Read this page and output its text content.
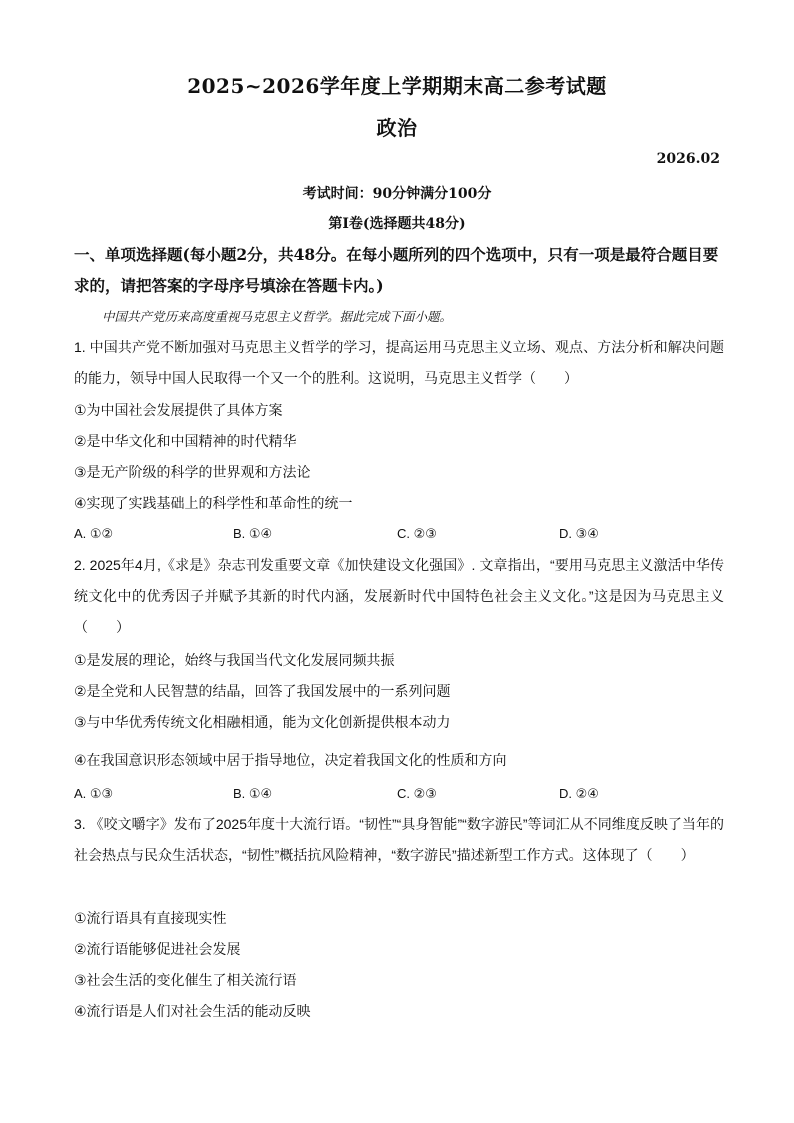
2025~2026学年度上学期期末高二参考试题
政治
2026.02
考试时间：90分钟满分100分
第Ⅰ卷(选择题共48分)
一、单项选择题(每小题2分，共48分。在每小题所列的四个选项中，只有一项是最符合题目要求的，请把答案的字母序号填涂在答题卡内。)
中国共产党历来高度重视马克思主义哲学。据此完成下面小题。
1. 中国共产党不断加强对马克思主义哲学的学习，提高运用马克思主义立场、观点、方法分析和解决问题的能力，领导中国人民取得一个又一个的胜利。这说明，马克思主义哲学（　　）
①为中国社会发展提供了具体方案
②是中华文化和中国精神的时代精华
③是无产阶级的科学的世界观和方法论
④实现了实践基础上的科学性和革命性的统一
A. ①②	B. ①④	C. ②③	D. ③④
2. 2025年4月,《求是》杂志刊发重要文章《加快建设文化强国》. 文章指出，“要用马克思主义激活中华传统文化中的优秀因子并赋予其新的时代内涵，发展新时代中国特色社会主义文化。”这是因为马克思主义（　　）
①是发展的理论，始终与我国当代文化发展同频共振
②是全党和人民智慧的结晶，回答了我国发展中的一系列问题
③与中华优秀传统文化相融相通，能为文化创新提供根本动力
④在我国意识形态领域中居于指导地位，决定着我国文化的性质和方向
A. ①③	B. ①④	C. ②③	D. ②④
3. 《咬文嚼字》发布了2025年度十大流行语。“韧性”“具身智能”“数字游民”等词汇从不同维度反映了当年的社会热点与民众生活状态，“韧性”概括抗风险精神，“数字游民”描述新型工作方式。这体现了（　　）
①流行语具有直接现实性
②流行语能够促进社会发展
③社会生活的变化催生了相关流行语
④流行语是人们对社会生活的能动反映
